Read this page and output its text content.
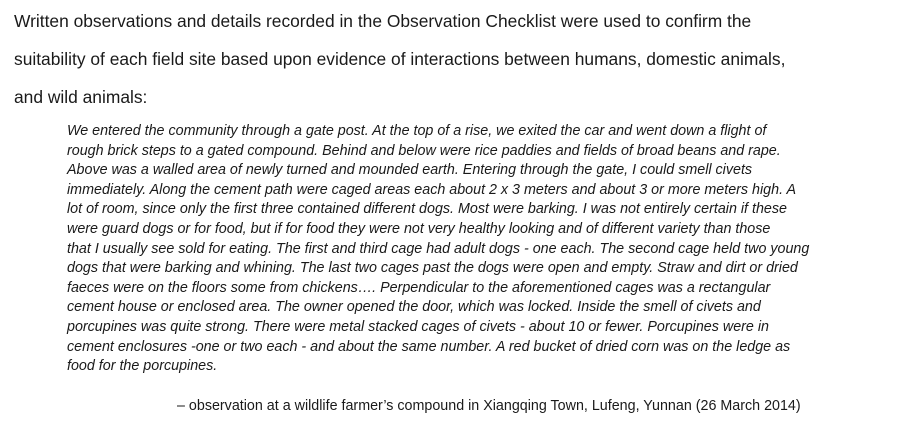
Written observations and details recorded in the Observation Checklist were used to confirm the
suitability of each field site based upon evidence of interactions between humans, domestic animals,
and wild animals:

We entered the community through a gate post. At the top of a rise, we exited the car and went down a flight of
rough brick steps to a gated compound. Behind and below were rice paddies and fields of broad beans and rape.
Above was a walled area of newly turned and mounded earth. Entering through the gate, I could smell civets
immediately. Along the cement path were caged areas each about 2 x 3 meters and about 3 or more meters high. A
lot of room, since only the first three contained different dogs. Most were barking. I was not entirely certain if these
were guard dogs or for food, but if for food they were not very healthy looking and of different variety than those
that I usually see sold for eating. The first and third cage had adult dogs - one each. The second cage held two young
dogs that were barking and whining. The last two cages past the dogs were open and empty. Straw and dirt or dried
faeces were on the floors some from chickens…. Perpendicular to the aforementioned cages was a rectangular
cement house or enclosed area. The owner opened the door, which was locked. Inside the smell of civets and
porcupines was quite strong. There were metal stacked cages of civets - about 10 or fewer. Porcupines were in
cement enclosures -one or two each - and about the same number. A red bucket of dried corn was on the ledge as
food for the porcupines.

– observation at a wildlife farmer’s compound in Xiangqing Town, Lufeng, Yunnan (26 March 2014)
